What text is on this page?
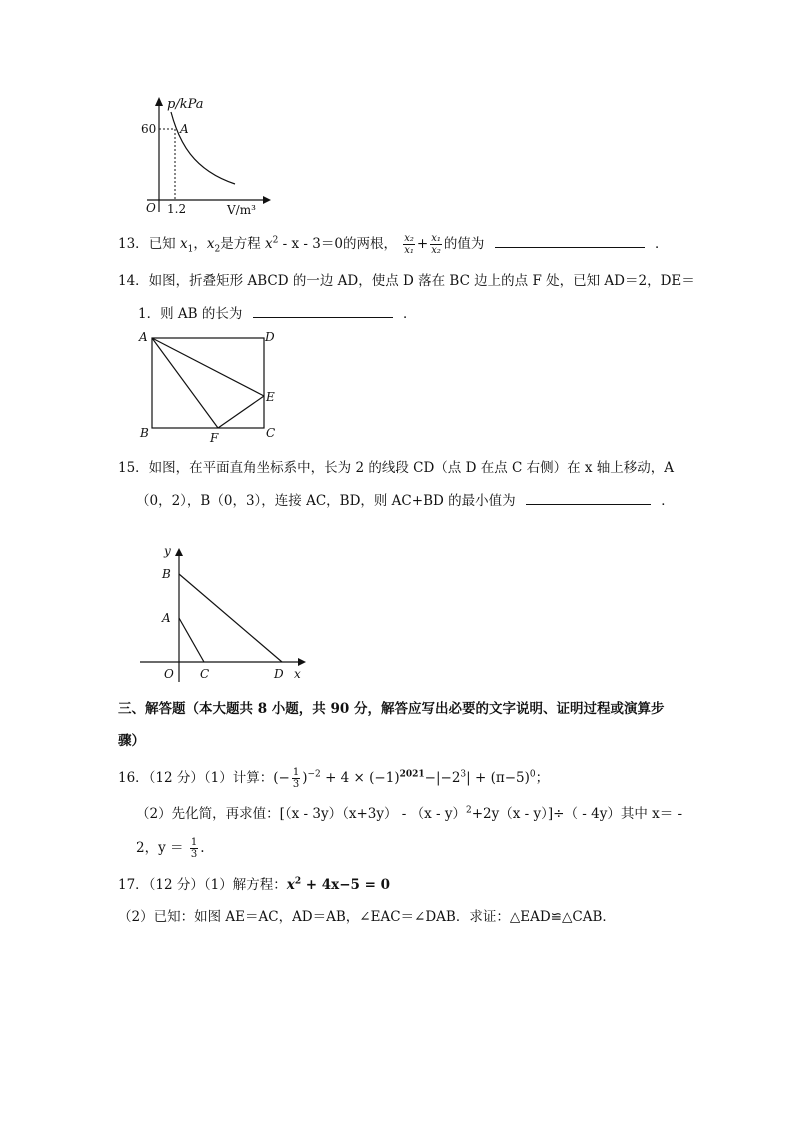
p/kPa
60 A
O 1.2	V/m³
13．已知 $x_1$，$x_2$是方程 $x^2 - x - 3=0$的两根， $\frac{\text{x₂}}{\text{x₁}} + \frac{\text{x₁}}{\text{x₂}}$ 的值为	．
14．如图，折叠矩形 ABCD 的一边 AD，使点 D 落在 BC 边上的点 F 处，已知 AD＝2，DE＝
1．则 AB 的长为	．
A	D
E
B	F	C
15．如图，在平面直角坐标系中，长为 2 的线段 CD（点 D 在点 C 右侧）在 x 轴上移动，A
（0，2），B（0，3），连接 AC，BD，则 AC+BD 的最小值为	．
y
B
A
O C	D x
三、解答题（本大题共 8 小题，共 90 分，解答应写出必要的文字说明、证明过程或演算步
骤）
16．（12 分）（1）计算：(− $\frac{1}{3} )^{-2} + 4 \times (-1)^{2021}-|-2^3| + (\pi-5)^0$；
（2）先化简，再求值：[（x - 3y）（x+3y） - （x - y）$^2$+2y（x - y）]÷（ - 4y）其中 x＝ -
2，$y = \frac{1}{3}$ .
17．（12 分）（1）解方程：$x^2 + 4x-5 = 0$
（2）已知：如图 AE＝AC，AD＝AB，∠EAC＝∠DAB．求证：△EAD≌△CAB．
